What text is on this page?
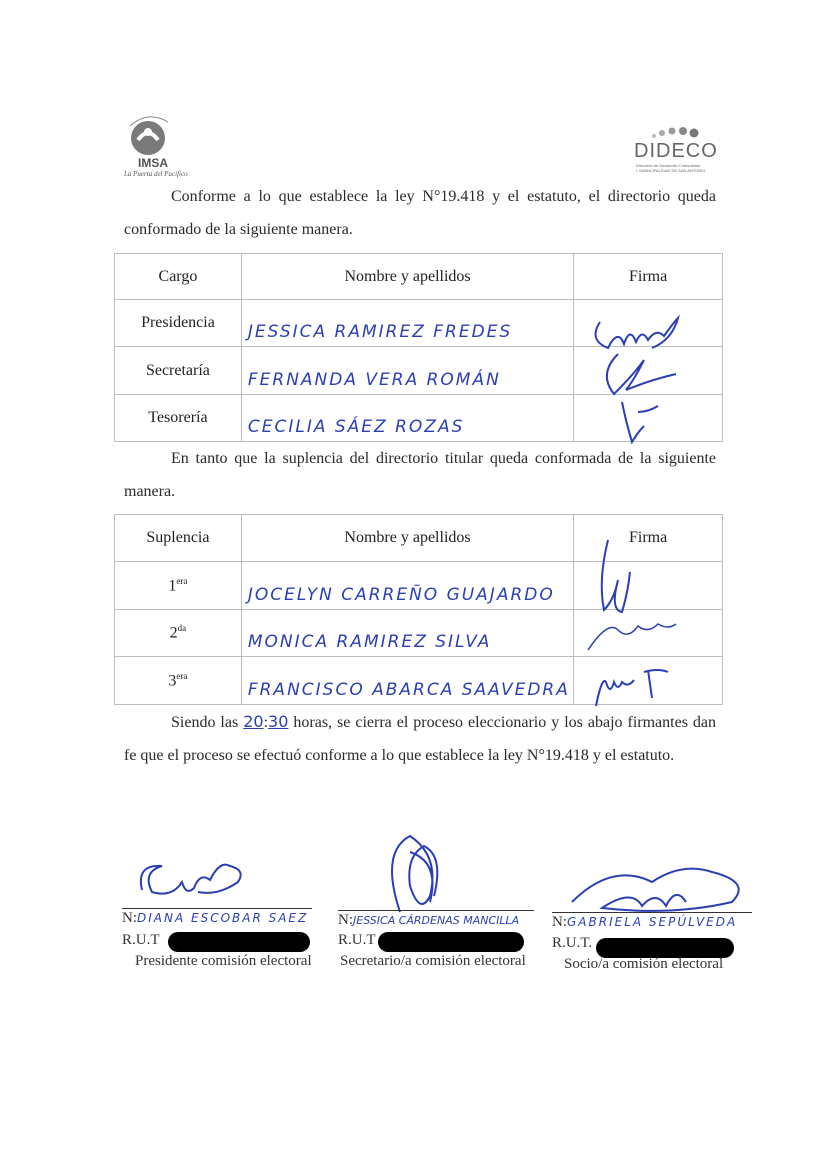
IMSA
La Puerta del Pacífico
DIDECO
Dirección de Desarrollo Comunitario
I. MUNICIPALIDAD DE SAN ANTONIO
Conforme a lo que establece la ley N°19.418 y el estatuto, el directorio queda conformado de la siguiente manera.
Cargo	Nombre y apellidos	Firma
Presidencia	JESSICA RAMIREZ FREDES	

Secretaría	FERNANDA VERA ROMÁN	

Tesorería	CECILIA SÁEZ ROZAS	

En tanto que la suplencia del directorio titular queda conformada de la siguiente manera.
Suplencia	Nombre y apellidos	Firma
$1^{era}$	JOCELYN CARREÑO GUAJARDO	

$2^{da}$	MONICA RAMIREZ SILVA	

$3^{era}$	FRANCISCO ABARCA SAAVEDRA	

Siendo las 20:30 horas, se cierra el proceso eleccionario y los abajo firmantes dan fe que el proceso se efectuó conforme a lo que establece la ley N°19.418 y el estatuto.
N:DIANA ESCOBAR SAEZ
R.U.T
Presidente comisión electoral
N:JESSICA CÁRDENAS MANCILLA
R.U.T
Secretario/a comisión electoral
N:GABRIELA SEPÚLVEDA
R.U.T.
Socio/a comisión electoral
